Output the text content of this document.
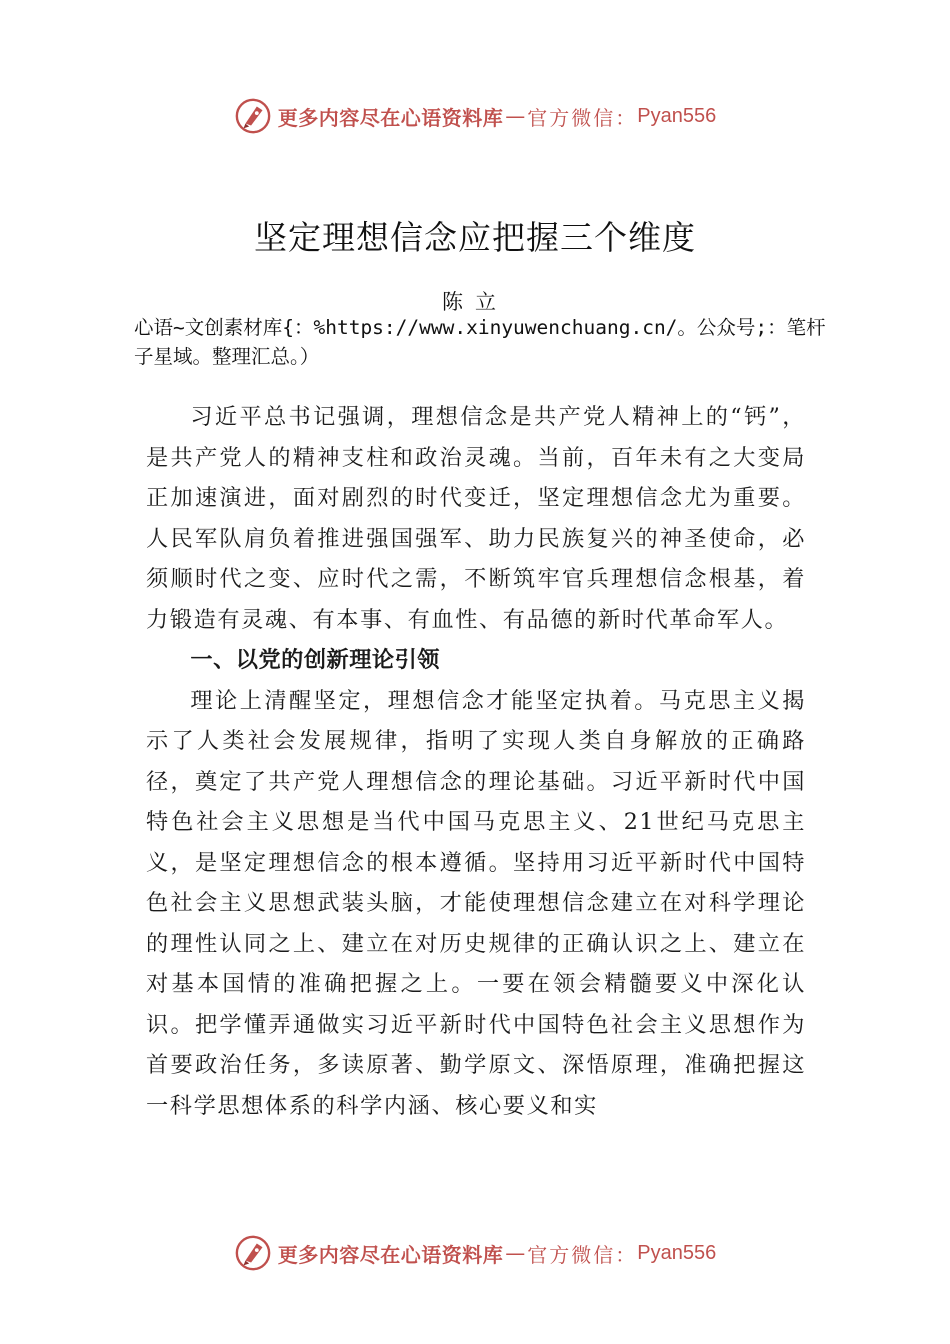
更多内容尽在心语资料库 — 官方微信： Pyan556
坚定理想信念应把握三个维度
陈立
心语~文创素材库{：%https://www.xinyuwenchuang.cn/。公众号;：笔杆子星域。整理汇总。）

习近平总书记强调，理想信念是共产党人精神上的“钙”，是共产党人的精神支柱和政治灵魂。当前，百年未有之大变局正加速演进，面对剧烈的时代变迁，坚定理想信念尤为重要。人民军队肩负着推进强国强军、助力民族复兴的神圣使命，必须顺时代之变、应时代之需，不断筑牢官兵理想信念根基，着力锻造有灵魂、有本事、有血性、有品德的新时代革命军人。

一、以党的创新理论引领

理论上清醒坚定，理想信念才能坚定执着。马克思主义揭示了人类社会发展规律，指明了实现人类自身解放的正确路径，奠定了共产党人理想信念的理论基础。习近平新时代中国特色社会主义思想是当代中国马克思主义、21世纪马克思主义，是坚定理想信念的根本遵循。坚持用习近平新时代中国特色社会主义思想武装头脑，才能使理想信念建立在对科学理论的理性认同之上、建立在对历史规律的正确认识之上、建立在对基本国情的准确把握之上。一要在领会精髓要义中深化认识。把学懂弄通做实习近平新时代中国特色社会主义思想作为首要政治任务，多读原著、勤学原文、深悟原理，准确把握这一科学思想体系的科学内涵、核心要义和实

更多内容尽在心语资料库 — 官方微信： Pyan556
